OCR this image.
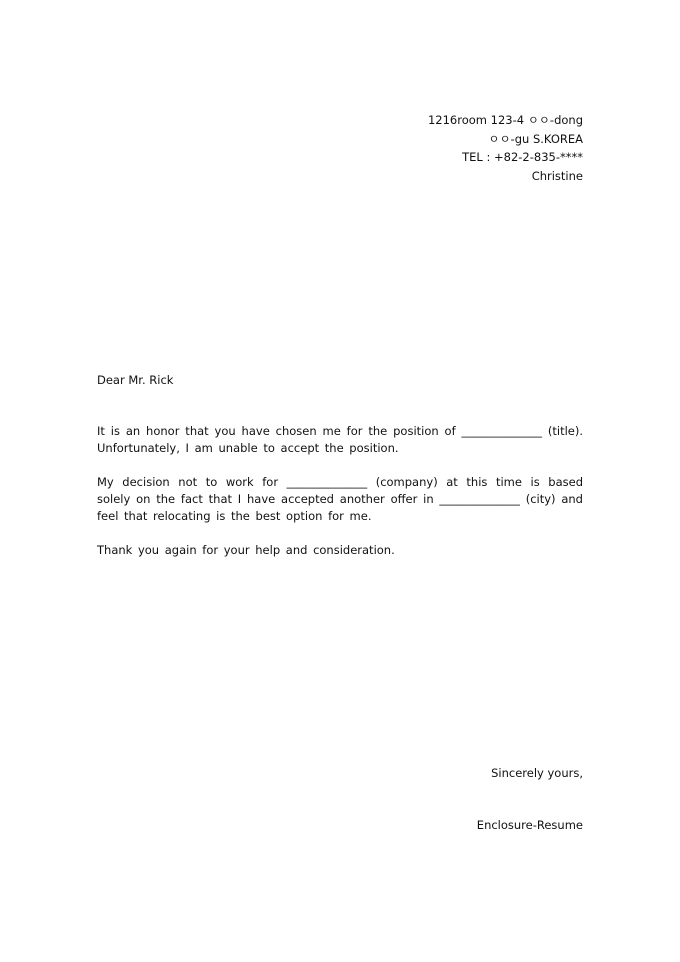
1216room 123-4 ㅇㅇ-dong
ㅇㅇ-gu S.KOREA
TEL : +82-2-835-****
Christine
Dear Mr. Rick
It is an honor that you have chosen me for the position of ______________ (title). Unfortunately, I am unable to accept the position.
My decision not to work for ______________ (company) at this time is based solely on the fact that I have accepted another offer in ______________ (city) and feel that relocating is the best option for me.
Thank you again for your help and consideration.
Sincerely yours,
Enclosure-Resume
